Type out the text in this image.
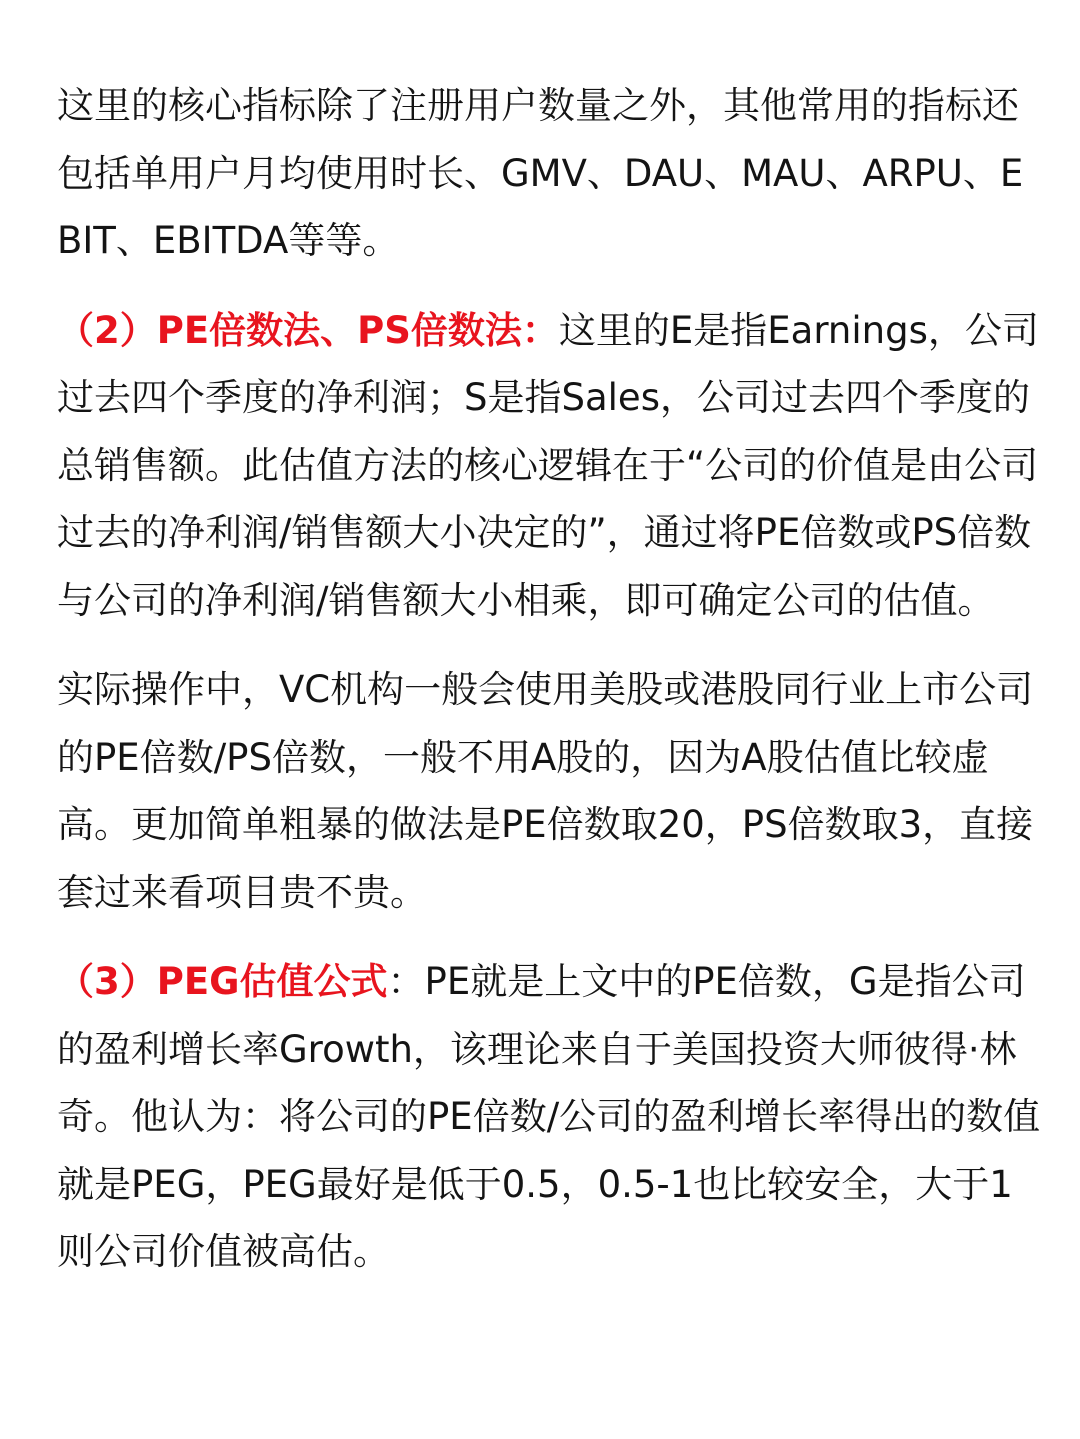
这里的核心指标除了注册用户数量之外，其他常用的指标还包括单用户月均使用时长、GMV、DAU、MAU、ARPU、EBIT、EBITDA等等。

（2）PE倍数法、PS倍数法：这里的E是指Earnings，公司过去四个季度的净利润；S是指Sales，公司过去四个季度的总销售额。此估值方法的核心逻辑在于“公司的价值是由公司过去的净利润/销售额大小决定的”，通过将PE倍数或PS倍数与公司的净利润/销售额大小相乘，即可确定公司的估值。

实际操作中，VC机构一般会使用美股或港股同行业上市公司的PE倍数/PS倍数，一般不用A股的，因为A股估值比较虚高。更加简单粗暴的做法是PE倍数取20，PS倍数取3，直接套过来看项目贵不贵。

（3）PEG估值公式：PE就是上文中的PE倍数，G是指公司的盈利增长率Growth，该理论来自于美国投资大师彼得·林奇。他认为：将公司的PE倍数/公司的盈利增长率得出的数值就是PEG，PEG最好是低于0.5，0.5-1也比较安全，大于1则公司价值被高估。
